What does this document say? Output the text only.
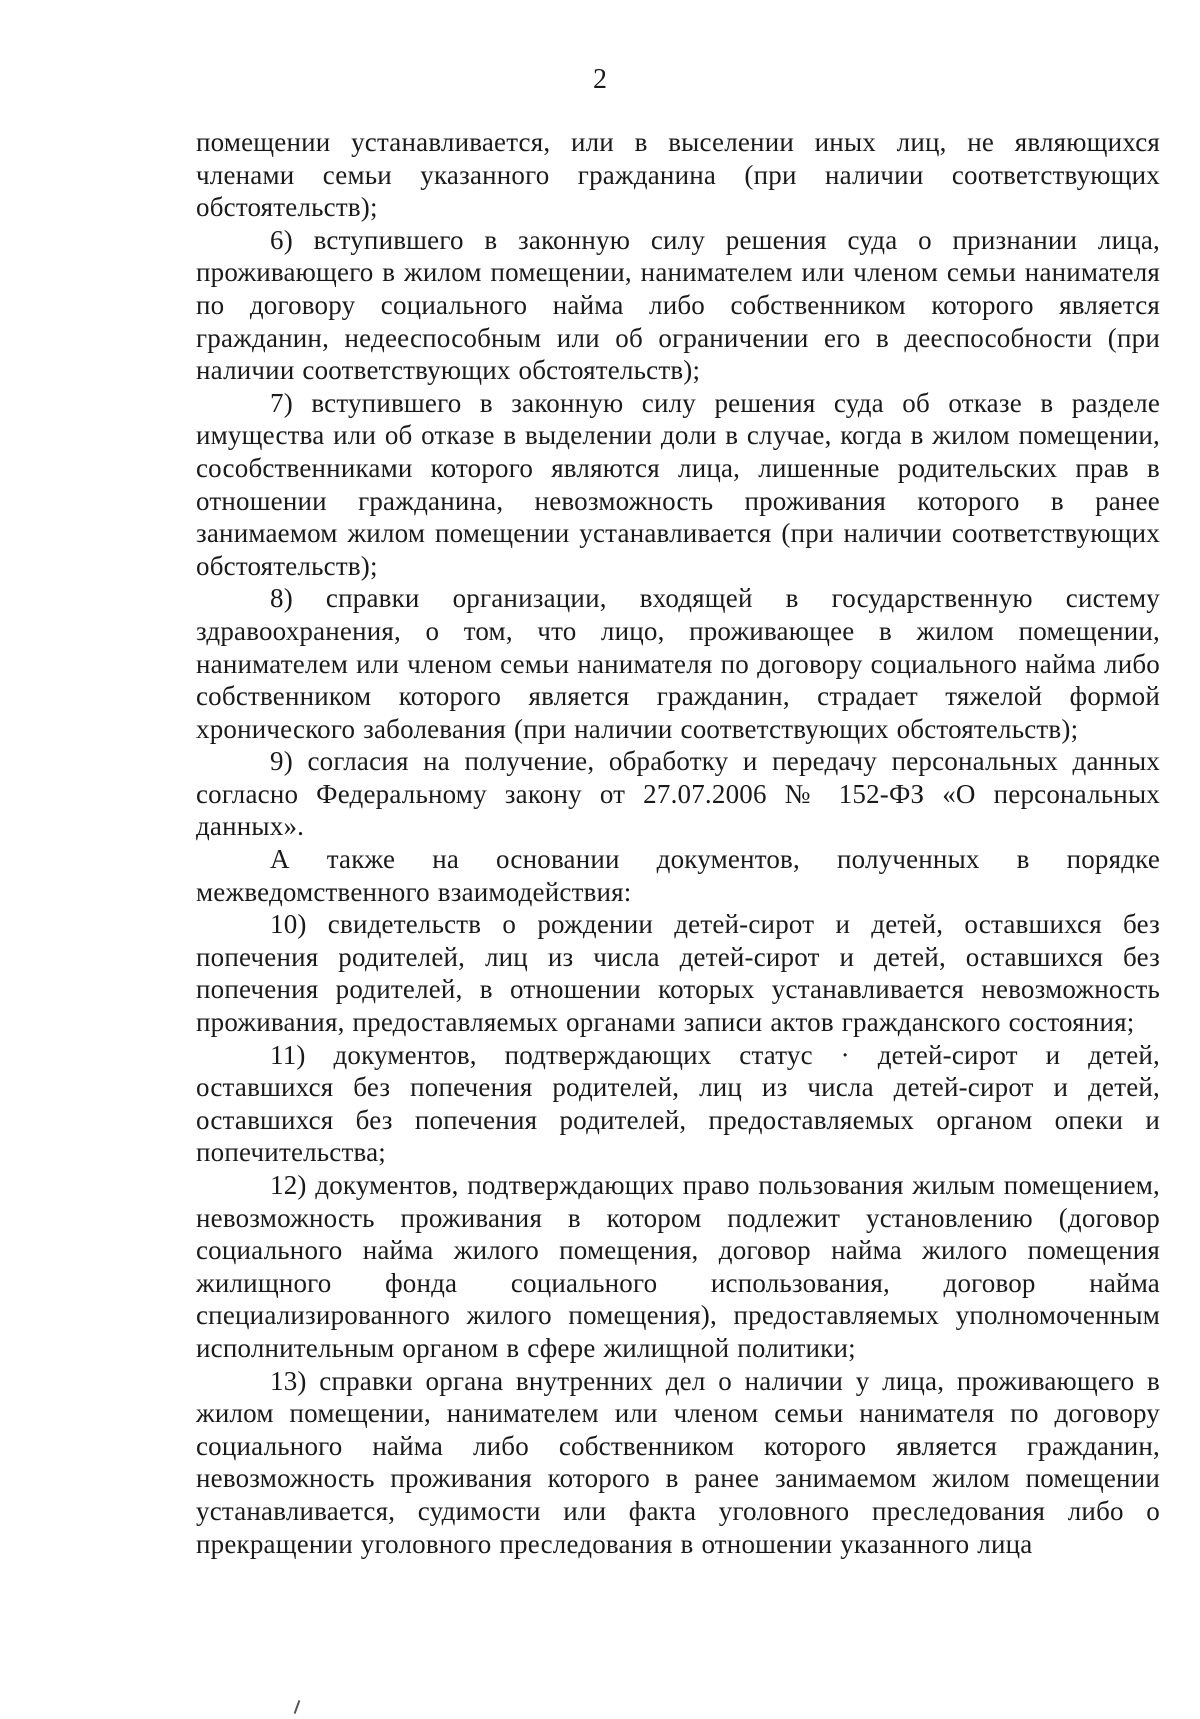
2

помещении устанавливается, или в выселении иных лиц, не являющихся членами семьи указанного гражданина (при наличии соответствующих обстоятельств);

6) вступившего в законную силу решения суда о признании лица, проживающего в жилом помещении, нанимателем или членом семьи нанимателя по договору социального найма либо собственником которого является гражданин, недееспособным или об ограничении его в дееспособности (при наличии соответствующих обстоятельств);

7) вступившего в законную силу решения суда об отказе в разделе имущества или об отказе в выделении доли в случае, когда в жилом помещении, сособственниками которого являются лица, лишенные родительских прав в отношении гражданина, невозможность проживания которого в ранее занимаемом жилом помещении устанавливается (при наличии соответствующих обстоятельств);

8) справки организации, входящей в государственную систему здравоохранения, о том, что лицо, проживающее в жилом помещении, нанимателем или членом семьи нанимателя по договору социального найма либо собственником которого является гражданин, страдает тяжелой формой хронического заболевания (при наличии соответствующих обстоятельств);

9) согласия на получение, обработку и передачу персональных данных согласно Федеральному закону от 27.07.2006 № 152-ФЗ «О персональных данных».

А также на основании документов, полученных в порядке межведомственного взаимодействия:

10) свидетельств о рождении детей-сирот и детей, оставшихся без попечения родителей, лиц из числа детей-сирот и детей, оставшихся без попечения родителей, в отношении которых устанавливается невозможность проживания, предоставляемых органами записи актов гражданского состояния;

11) документов, подтверждающих статус · детей-сирот и детей, оставшихся без попечения родителей, лиц из числа детей-сирот и детей, оставшихся без попечения родителей, предоставляемых органом опеки и попечительства;

12) документов, подтверждающих право пользования жилым помещением, невозможность проживания в котором подлежит установлению (договор социального найма жилого помещения, договор найма жилого помещения жилищного фонда социального использования, договор найма специализированного жилого помещения), предоставляемых уполномоченным исполнительным органом в сфере жилищной политики;

13) справки органа внутренних дел о наличии у лица, проживающего в жилом помещении, нанимателем или членом семьи нанимателя по договору социального найма либо собственником которого является гражданин, невозможность проживания которого в ранее занимаемом жилом помещении устанавливается, судимости или факта уголовного преследования либо о прекращении уголовного преследования в отношении указанного лица
